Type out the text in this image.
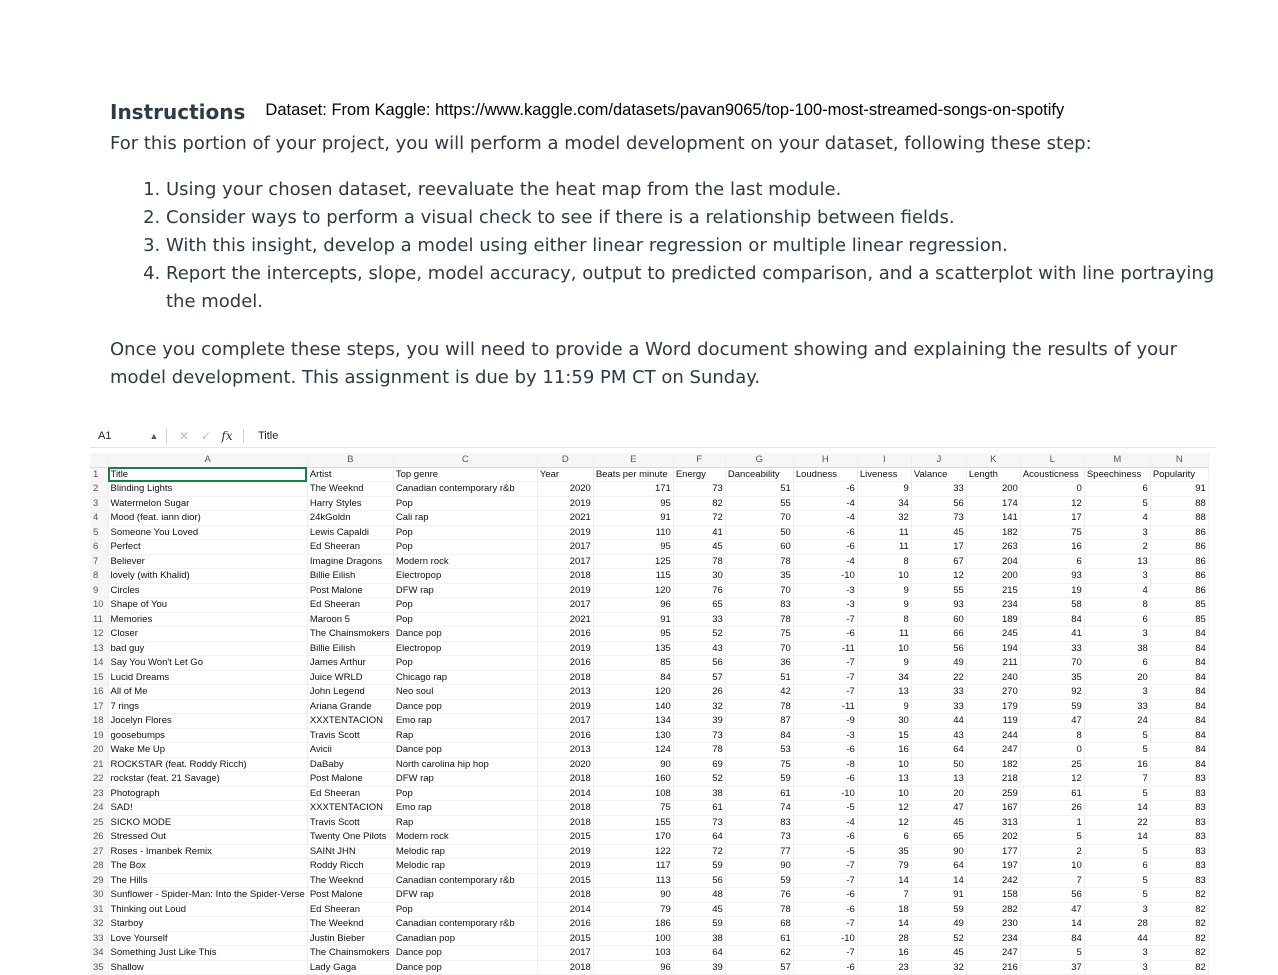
Instructions Dataset: From Kaggle: https://www.kaggle.com/datasets/pavan9065/top-100-most-streamed-songs-on-spotify
For this portion of your project, you will perform a model development on your dataset, following these step:
1. Using your chosen dataset, reevaluate the heat map from the last module.
2. Consider ways to perform a visual check to see if there is a relationship between fields.
3. With this insight, develop a model using either linear regression or multiple linear regression.
4. Report the intercepts, slope, model accuracy, output to predicted comparison, and a scatterplot with line portraying the model.
Once you complete these steps, you will need to provide a Word document showing and explaining the results of your model development. This assignment is due by 11:59 PM CT on Sunday.
A1	▲	✕ ✓ fx	Title
	A	B	C	D	E	F	G	H	I	J	K	L	M	N
1	Title	Artist	Top genre	Year	Beats per minute	Energy	Danceability	Loudness	Liveness	Valance	Length	Acousticness	Speechiness	Popularity
2	Blinding Lights	The Weeknd	Canadian contemporary r&b	2020	171	73	51	-6	9	33	200	0	6	91
3	Watermelon Sugar	Harry Styles	Pop	2019	95	82	55	-4	34	56	174	12	5	88
4	Mood (feat. iann dior)	24kGoldn	Cali rap	2021	91	72	70	-4	32	73	141	17	4	88
5	Someone You Loved	Lewis Capaldi	Pop	2019	110	41	50	-6	11	45	182	75	3	86
6	Perfect	Ed Sheeran	Pop	2017	95	45	60	-6	11	17	263	16	2	86
7	Believer	Imagine Dragons	Modern rock	2017	125	78	78	-4	8	67	204	6	13	86
8	lovely (with Khalid)	Billie Eilish	Electropop	2018	115	30	35	-10	10	12	200	93	3	86
9	Circles	Post Malone	DFW rap	2019	120	76	70	-3	9	55	215	19	4	86
10	Shape of You	Ed Sheeran	Pop	2017	96	65	83	-3	9	93	234	58	8	85
11	Memories	Maroon 5	Pop	2021	91	33	78	-7	8	60	189	84	6	85
12	Closer	The Chainsmokers	Dance pop	2016	95	52	75	-6	11	66	245	41	3	84
13	bad guy	Billie Eilish	Electropop	2019	135	43	70	-11	10	56	194	33	38	84
14	Say You Won't Let Go	James Arthur	Pop	2016	85	56	36	-7	9	49	211	70	6	84
15	Lucid Dreams	Juice WRLD	Chicago rap	2018	84	57	51	-7	34	22	240	35	20	84
16	All of Me	John Legend	Neo soul	2013	120	26	42	-7	13	33	270	92	3	84
17	7 rings	Ariana Grande	Dance pop	2019	140	32	78	-11	9	33	179	59	33	84
18	Jocelyn Flores	XXXTENTACION	Emo rap	2017	134	39	87	-9	30	44	119	47	24	84
19	goosebumps	Travis Scott	Rap	2016	130	73	84	-3	15	43	244	8	5	84
20	Wake Me Up	Avicii	Dance pop	2013	124	78	53	-6	16	64	247	0	5	84
21	ROCKSTAR (feat. Roddy Ricch)	DaBaby	North carolina hip hop	2020	90	69	75	-8	10	50	182	25	16	84
22	rockstar (feat. 21 Savage)	Post Malone	DFW rap	2018	160	52	59	-6	13	13	218	12	7	83
23	Photograph	Ed Sheeran	Pop	2014	108	38	61	-10	10	20	259	61	5	83
24	SAD!	XXXTENTACION	Emo rap	2018	75	61	74	-5	12	47	167	26	14	83
25	SICKO MODE	Travis Scott	Rap	2018	155	73	83	-4	12	45	313	1	22	83
26	Stressed Out	Twenty One Pilots	Modern rock	2015	170	64	73	-6	6	65	202	5	14	83
27	Roses - Imanbek Remix	SAINt JHN	Melodic rap	2019	122	72	77	-5	35	90	177	2	5	83
28	The Box	Roddy Ricch	Melodic rap	2019	117	59	90	-7	79	64	197	10	6	83
29	The Hills	The Weeknd	Canadian contemporary r&b	2015	113	56	59	-7	14	14	242	7	5	83
30	Sunflower - Spider-Man: Into the Spider-Verse	Post Malone	DFW rap	2018	90	48	76	-6	7	91	158	56	5	82
31	Thinking out Loud	Ed Sheeran	Pop	2014	79	45	78	-6	18	59	282	47	3	82
32	Starboy	The Weeknd	Canadian contemporary r&b	2016	186	59	68	-7	14	49	230	14	28	82
33	Love Yourself	Justin Bieber	Canadian pop	2015	100	38	61	-10	28	52	234	84	44	82
34	Something Just Like This	The Chainsmokers	Dance pop	2017	103	64	62	-7	16	45	247	5	3	82
35	Shallow	Lady Gaga	Dance pop	2018	96	39	57	-6	23	32	216	37	3	82
